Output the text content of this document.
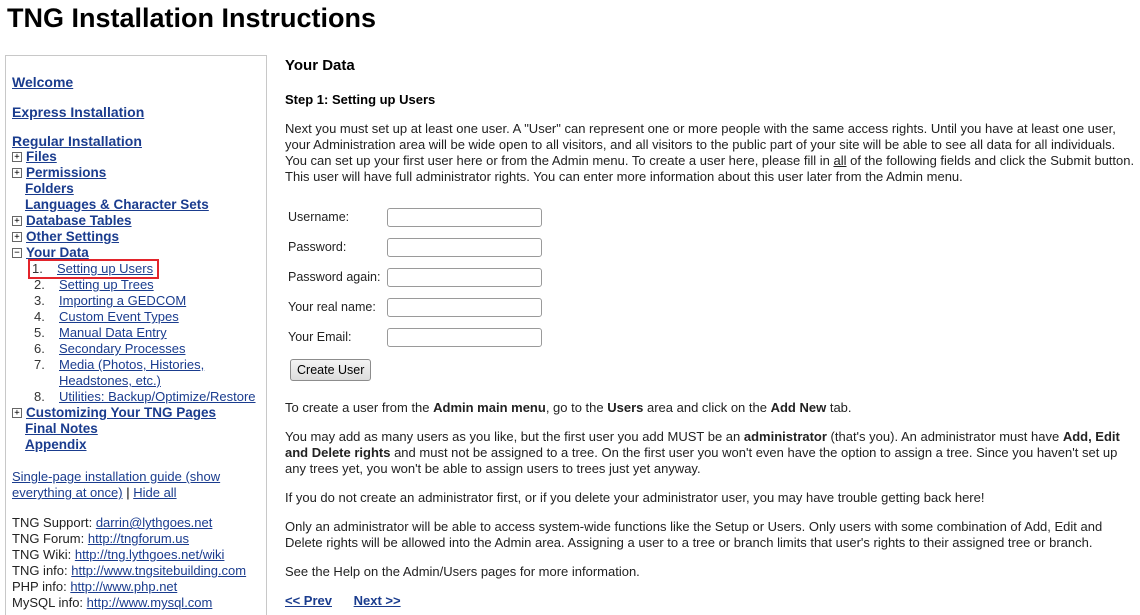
TNG Installation Instructions
Welcome
Express Installation
Regular Installation
+ Files
+ Permissions
Folders
Languages & Character Sets
+ Database Tables
+ Other Settings
− Your Data
1.	Setting up Users
2.	Setting up Trees
3.	Importing a GEDCOM
4.	Custom Event Types
5.	Manual Data Entry
6.	Secondary Processes
7.	Media (Photos, Histories, Headstones, etc.)
8.	Utilities: Backup/Optimize/Restore
+ Customizing Your TNG Pages
Final Notes
Appendix
Single-page installation guide (show everything at once) | Hide all
TNG Support: darrin@lythgoes.net
TNG Forum: http://tngforum.us
TNG Wiki: http://tng.lythgoes.net/wiki
TNG info: http://www.tngsitebuilding.com
PHP info: http://www.php.net
MySQL info: http://www.mysql.com
Your Data
Step 1: Setting up Users

Next you must set up at least one user. A "User" can represent one or more people with the same access rights. Until you have at least one user, your Administration area will be wide open to all visitors, and all visitors to the public part of your site will be able to see all data for all individuals. You can set up your first user here or from the Admin menu. To create a user here, please fill in all of the following fields and click the Submit button. This user will have full administrator rights. You can enter more information about this user later from the Admin menu.

Username:
Password:
Password again:
Your real name:
Your Email:
Create User

To create a user from the Admin main menu, go to the Users area and click on the Add New tab.

You may add as many users as you like, but the first user you add MUST be an administrator (that's you). An administrator must have Add, Edit and Delete rights and must not be assigned to a tree. On the first user you won't even have the option to assign a tree. Since you haven't set up any trees yet, you won't be able to assign users to trees just yet anyway.

If you do not create an administrator first, or if you delete your administrator user, you may have trouble getting back here!

Only an administrator will be able to access system-wide functions like the Setup or Users. Only users with some combination of Add, Edit and Delete rights will be allowed into the Admin area. Assigning a user to a tree or branch limits that user's rights to their assigned tree or branch.

See the Help on the Admin/Users pages for more information.

<< Prev Next >>
